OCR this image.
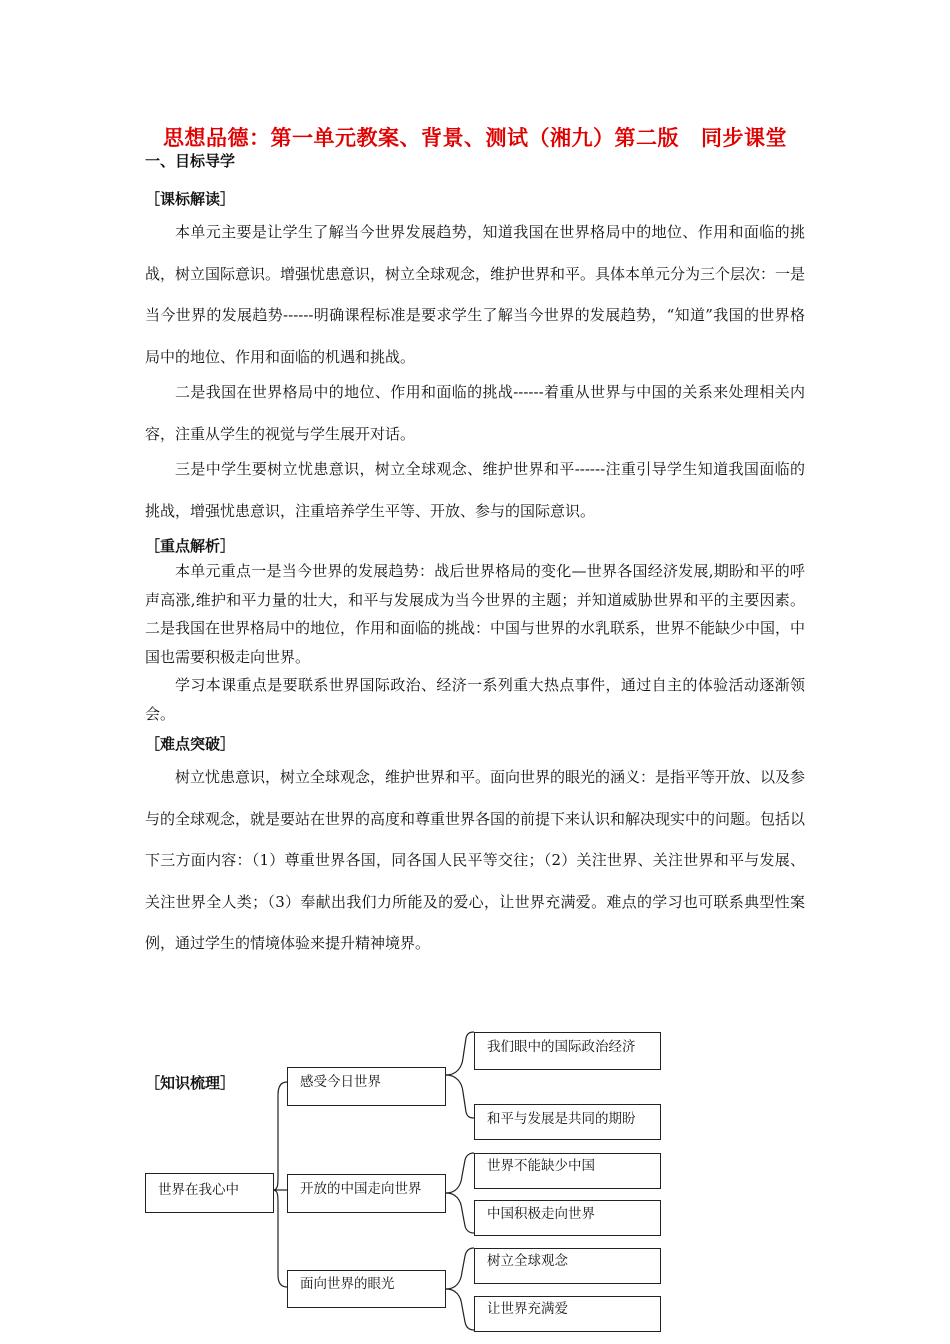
思想品德：第一单元教案、背景、测试（湘九）第二版 同步课堂
一、目标导学
［课标解读］

本单元主要是让学生了解当今世界发展趋势，知道我国在世界格局中的地位、作用和面临的挑战，树立国际意识。增强忧患意识，树立全球观念，维护世界和平。具体本单元分为三个层次：一是当今世界的发展趋势------明确课程标准是要求学生了解当今世界的发展趋势，“知道”我国的世界格局中的地位、作用和面临的机遇和挑战。

二是我国在世界格局中的地位、作用和面临的挑战------着重从世界与中国的关系来处理相关内容，注重从学生的视觉与学生展开对话。

三是中学生要树立忧患意识，树立全球观念、维护世界和平------注重引导学生知道我国面临的挑战，增强忧患意识，注重培养学生平等、开放、参与的国际意识。

［重点解析］

本单元重点一是当今世界的发展趋势：战后世界格局的变化—世界各国经济发展,期盼和平的呼声高涨,维护和平力量的壮大，和平与发展成为当今世界的主题；并知道威胁世界和平的主要因素。二是我国在世界格局中的地位，作用和面临的挑战：中国与世界的水乳联系，世界不能缺少中国，中国也需要积极走向世界。

学习本课重点是要联系世界国际政治、经济一系列重大热点事件，通过自主的体验活动逐渐领会。

［难点突破］

树立忧患意识，树立全球观念，维护世界和平。面向世界的眼光的涵义：是指平等开放、以及参与的全球观念，就是要站在世界的高度和尊重世界各国的前提下来认识和解决现实中的问题。包括以下三方面内容：（1）尊重世界各国，同各国人民平等交往；（2）关注世界、关注世界和平与发展、关注世界全人类；（3）奉献出我们力所能及的爱心，让世界充满爱。难点的学习也可联系典型性案例，通过学生的情境体验来提升精神境界。

［知识梳理］
世界在我心中
感受今日世界
开放的中国走向世界
面向世界的眼光
我们眼中的国际政治经济
和平与发展是共同的期盼
世界不能缺少中国
中国积极走向世界
树立全球观念
让世界充满爱
